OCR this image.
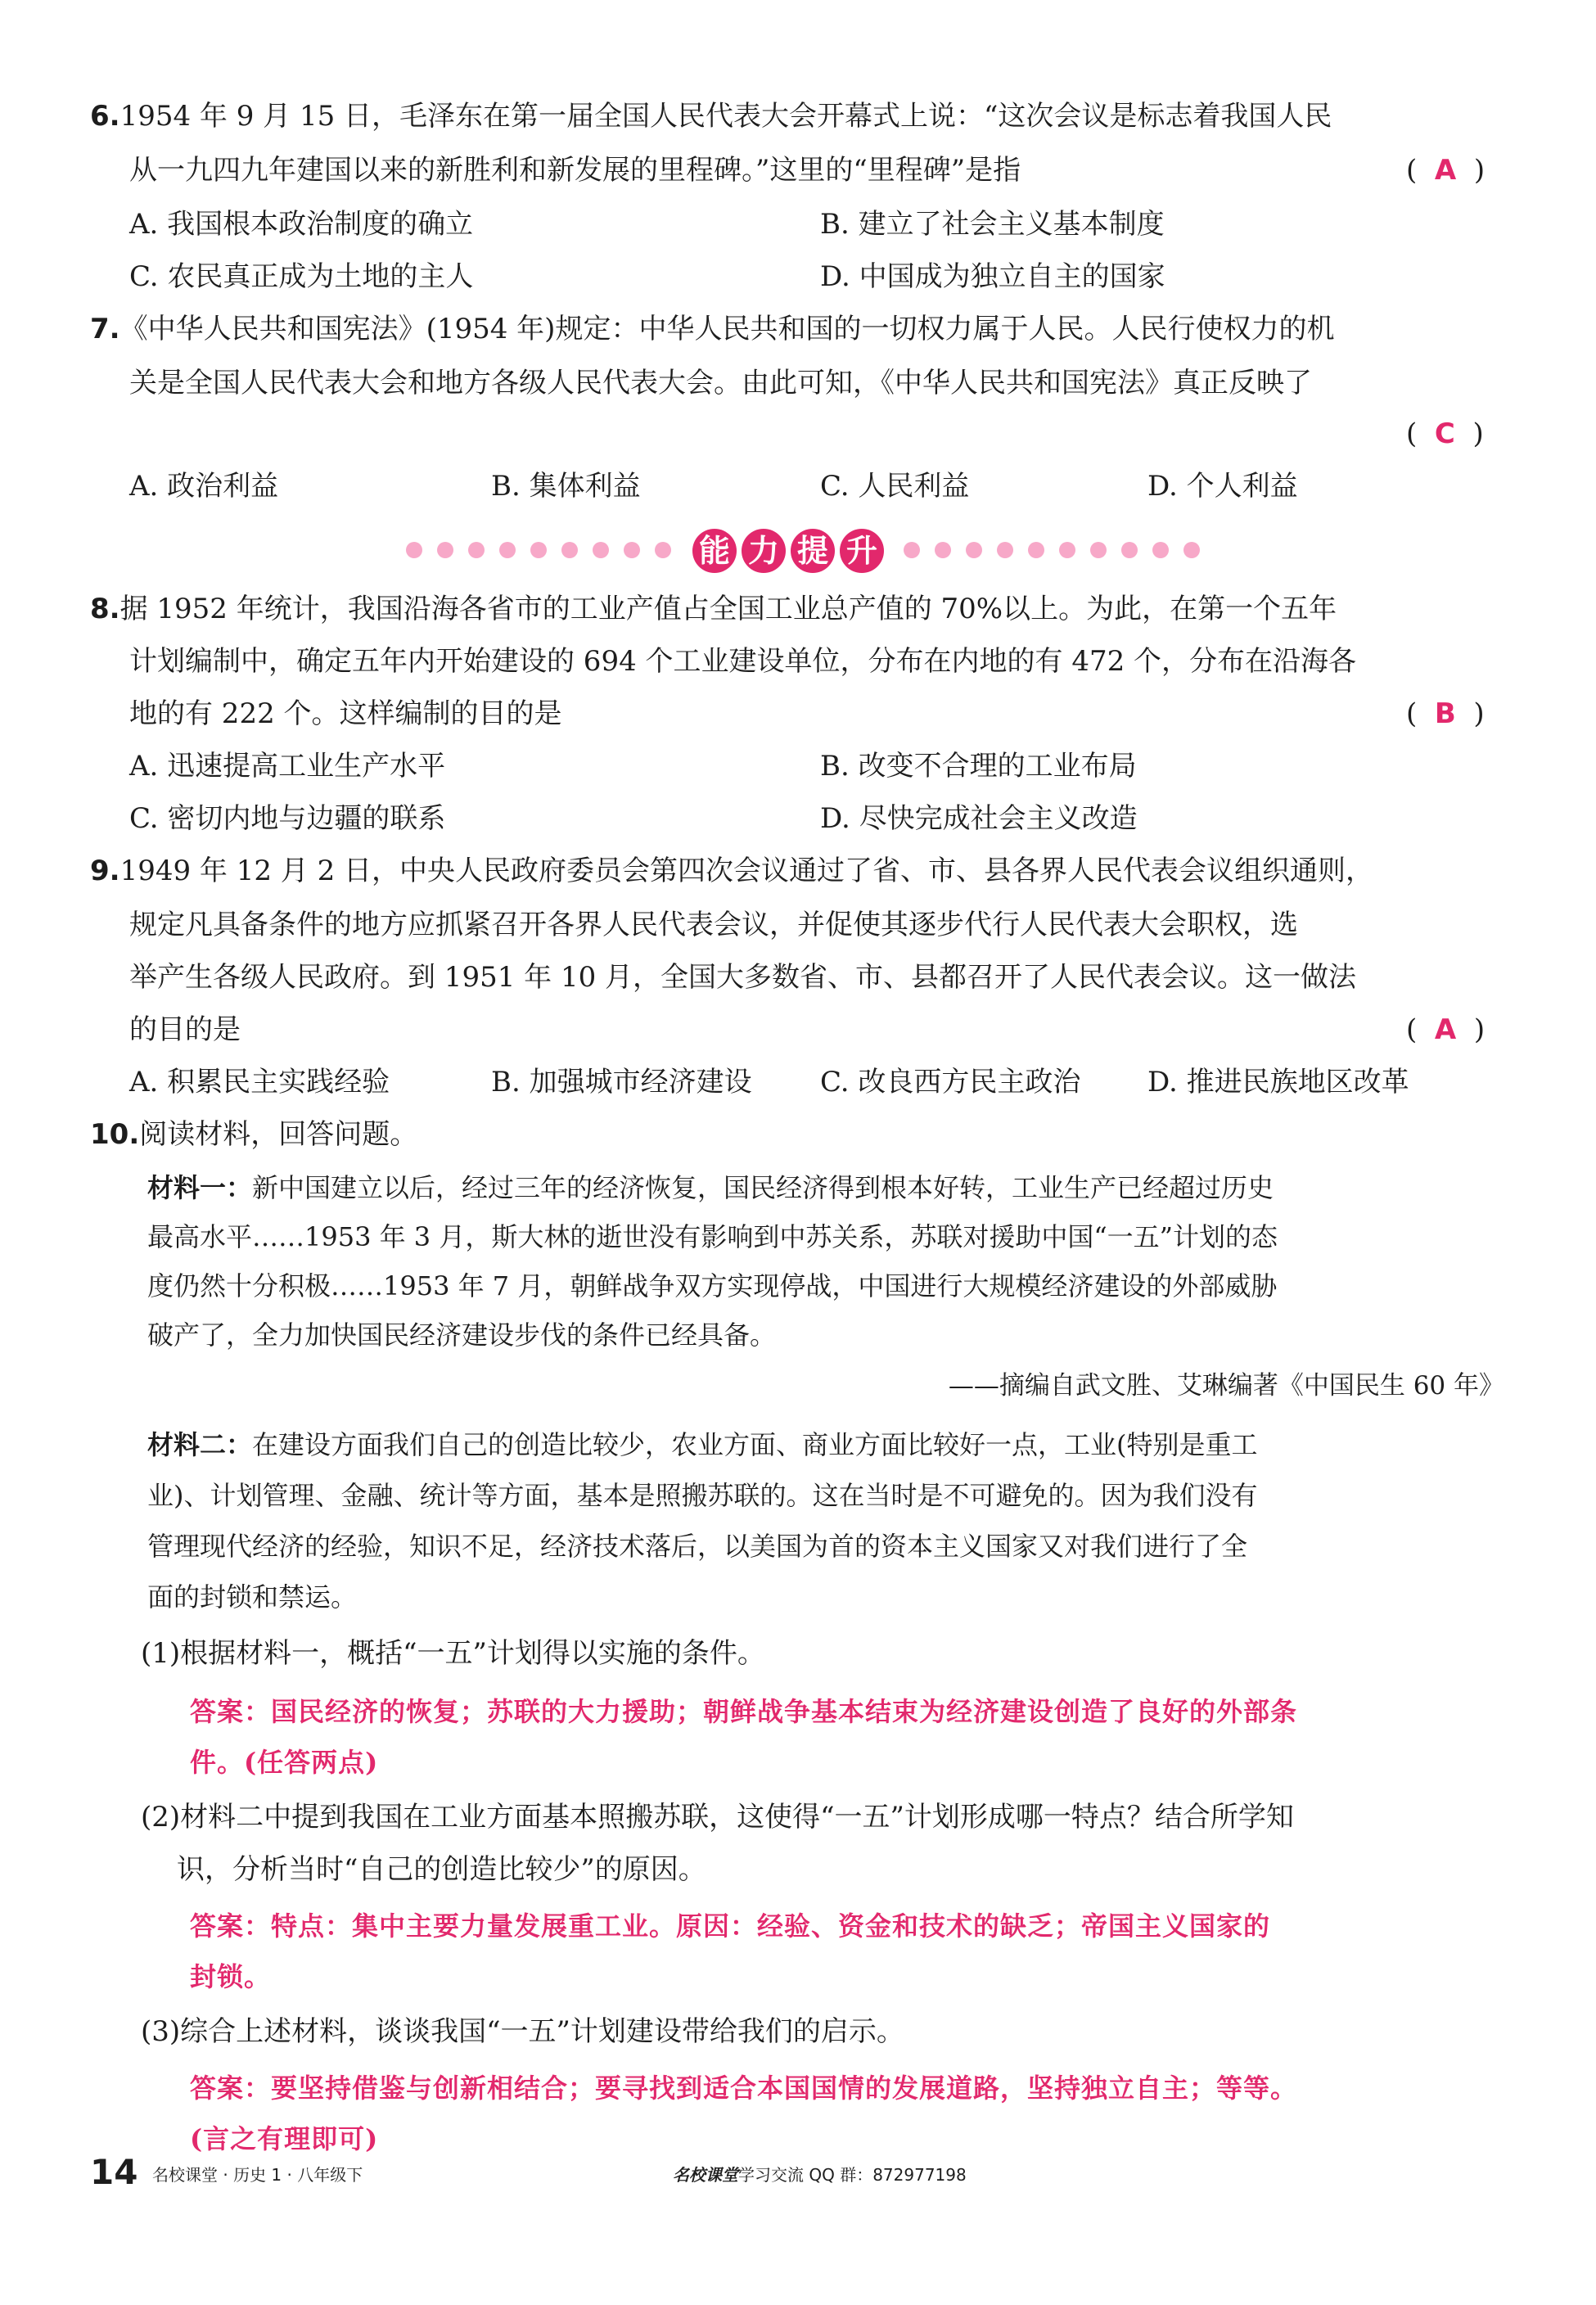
6.1954 年 9 月 15 日，毛泽东在第一届全国人民代表大会开幕式上说：“这次会议是标志着我国人民
从一九四九年建国以来的新胜利和新发展的里程碑。”这里的“里程碑”是指	(  A  )
A. 我国根本政治制度的确立	B. 建立了社会主义基本制度
C. 农民真正成为土地的主人	D. 中国成为独立自主的国家
7.《中华人民共和国宪法》(1954 年)规定：中华人民共和国的一切权力属于人民。人民行使权力的机
关是全国人民代表大会和地方各级人民代表大会。由此可知，《中华人民共和国宪法》真正反映了
(  C  )
A. 政治利益	B. 集体利益	C. 人民利益	D. 个人利益
能 力 提 升
8.据 1952 年统计，我国沿海各省市的工业产值占全国工业总产值的 70%以上。为此，在第一个五年
计划编制中，确定五年内开始建设的 694 个工业建设单位，分布在内地的有 472 个，分布在沿海各
地的有 222 个。这样编制的目的是	(  B  )
A. 迅速提高工业生产水平	B. 改变不合理的工业布局
C. 密切内地与边疆的联系	D. 尽快完成社会主义改造
9.1949 年 12 月 2 日，中央人民政府委员会第四次会议通过了省、市、县各界人民代表会议组织通则，
规定凡具备条件的地方应抓紧召开各界人民代表会议，并促使其逐步代行人民代表大会职权，选
举产生各级人民政府。到 1951 年 10 月，全国大多数省、市、县都召开了人民代表会议。这一做法
的目的是	(  A  )
A. 积累民主实践经验	B. 加强城市经济建设 C. 改良西方民主政治 D. 推进民族地区改革
10.阅读材料，回答问题。
材料一：新中国建立以后，经过三年的经济恢复，国民经济得到根本好转，工业生产已经超过历史
最高水平……1953 年 3 月，斯大林的逝世没有影响到中苏关系，苏联对援助中国“一五”计划的态
度仍然十分积极……1953 年 7 月，朝鲜战争双方实现停战，中国进行大规模经济建设的外部威胁
破产了，全力加快国民经济建设步伐的条件已经具备。
——摘编自武文胜、艾琳编著《中国民生 60 年》
材料二：在建设方面我们自己的创造比较少，农业方面、商业方面比较好一点，工业(特别是重工
业)、计划管理、金融、统计等方面，基本是照搬苏联的。这在当时是不可避免的。因为我们没有
管理现代经济的经验，知识不足，经济技术落后，以美国为首的资本主义国家又对我们进行了全
面的封锁和禁运。
(1)根据材料一，概括“一五”计划得以实施的条件。
答案：国民经济的恢复；苏联的大力援助；朝鲜战争基本结束为经济建设创造了良好的外部条
件。(任答两点)
(2)材料二中提到我国在工业方面基本照搬苏联，这使得“一五”计划形成哪一特点？结合所学知
识，分析当时“自己的创造比较少”的原因。
答案：特点：集中主要力量发展重工业。原因：经验、资金和技术的缺乏；帝国主义国家的
封锁。
(3)综合上述材料，谈谈我国“一五”计划建设带给我们的启示。
答案：要坚持借鉴与创新相结合；要寻找到适合本国国情的发展道路，坚持独立自主；等等。
(言之有理即可)
14 名校课堂 · 历史 1 · 八年级下	名校课堂学习交流 QQ 群：872977198
